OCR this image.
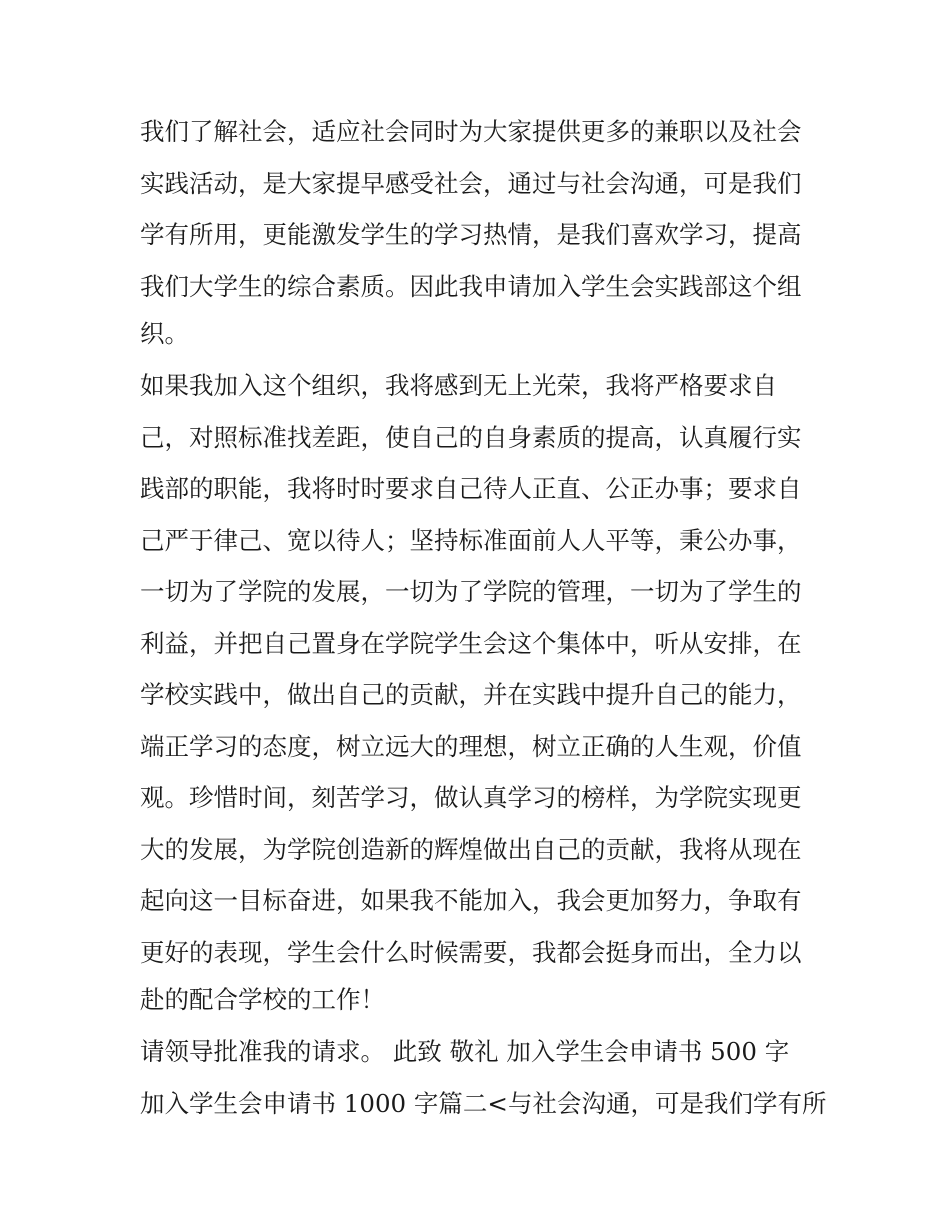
我们了解社会，适应社会同时为大家提供更多的兼职以及社会
实践活动，是大家提早感受社会，通过与社会沟通，可是我们
学有所用，更能激发学生的学习热情，是我们喜欢学习，提高
我们大学生的综合素质。因此我申请加入学生会实践部这个组
织。
如果我加入这个组织，我将感到无上光荣，我将严格要求自
己，对照标准找差距，使自己的自身素质的提高，认真履行实
践部的职能，我将时时要求自己待人正直、公正办事；要求自
己严于律己、宽以待人；坚持标准面前人人平等，秉公办事，
一切为了学院的发展，一切为了学院的管理，一切为了学生的
利益，并把自己置身在学院学生会这个集体中，听从安排，在
学校实践中，做出自己的贡献，并在实践中提升自己的能力，
端正学习的态度，树立远大的理想，树立正确的人生观，价值
观。珍惜时间，刻苦学习，做认真学习的榜样，为学院实现更
大的发展，为学院创造新的辉煌做出自己的贡献，我将从现在
起向这一目标奋进，如果我不能加入，我会更加努力，争取有
更好的表现，学生会什么时候需要，我都会挺身而出，全力以
赴的配合学校的工作！
请领导批准我的请求。 此致 敬礼 加入学生会申请书 500 字
加入学生会申请书 1000 字篇二<与社会沟通，可是我们学有所
